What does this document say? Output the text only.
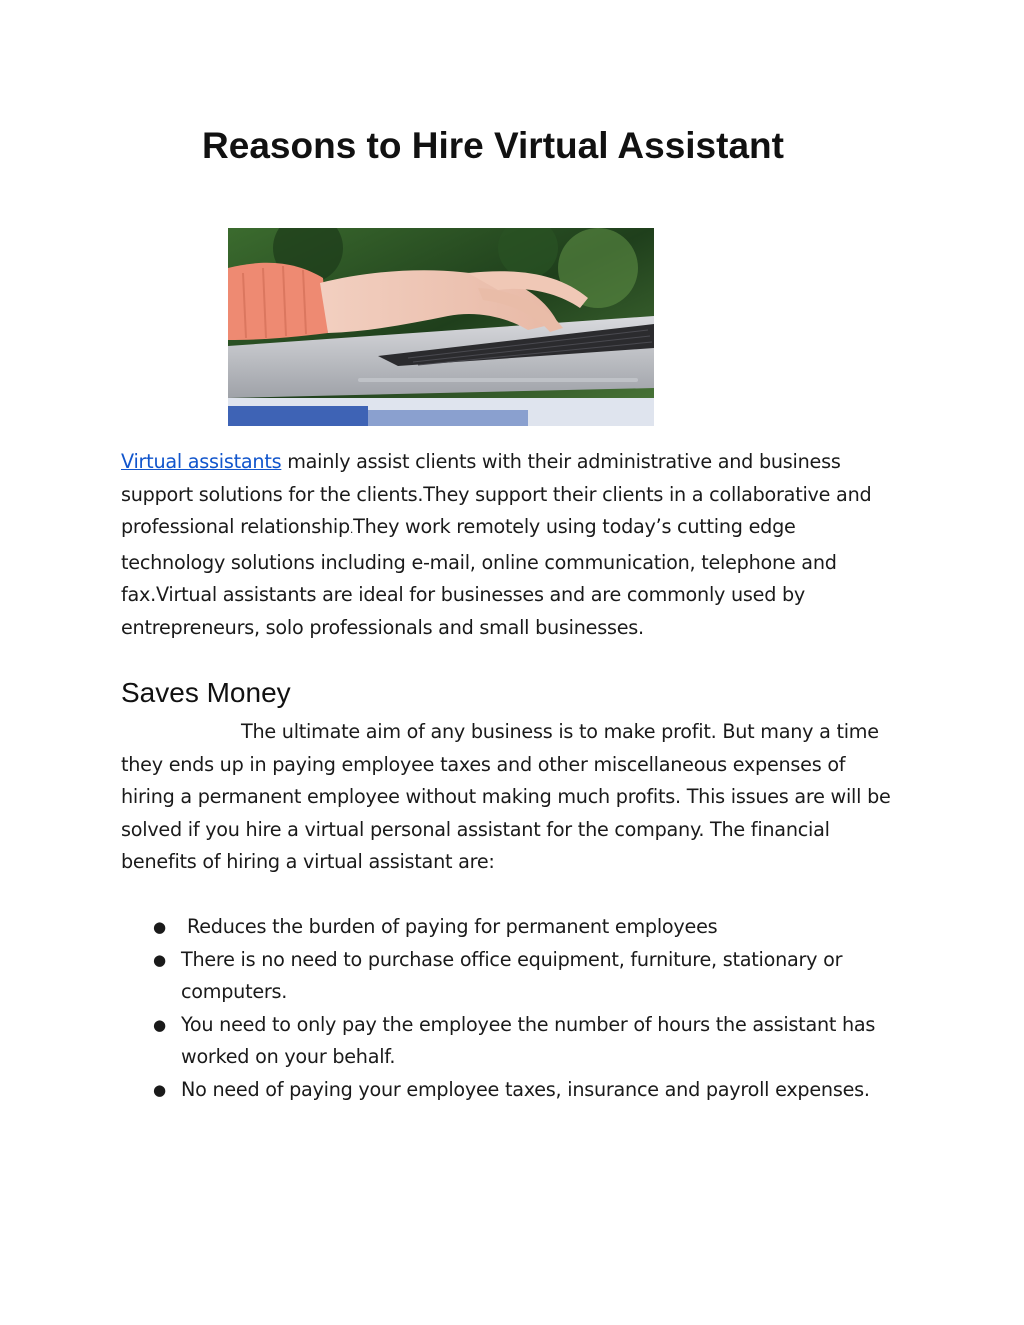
Reasons to Hire Virtual Assistant

Virtual assistants mainly assist clients with their administrative and business
support solutions for the clients.They support their clients in a collaborative and
professional relationship.They work remotely using today’s cutting edge
technology solutions including e-mail, online communication, telephone and
fax.Virtual assistants are ideal for businesses and are commonly used by
entrepreneurs, solo professionals and small businesses.

Saves Money

The ultimate aim of any business is to make profit. But many a time
they ends up in paying employee taxes and other miscellaneous expenses of
hiring a permanent employee without making much profits. This issues are will be
solved if you hire a virtual personal assistant for the company. The financial
benefits of hiring a virtual assistant are:

● Reduces the burden of paying for permanent employees
● There is no need to purchase office equipment, furniture, stationary or
computers.
● You need to only pay the employee the number of hours the assistant has
worked on your behalf.
● No need of paying your employee taxes, insurance and payroll expenses.
